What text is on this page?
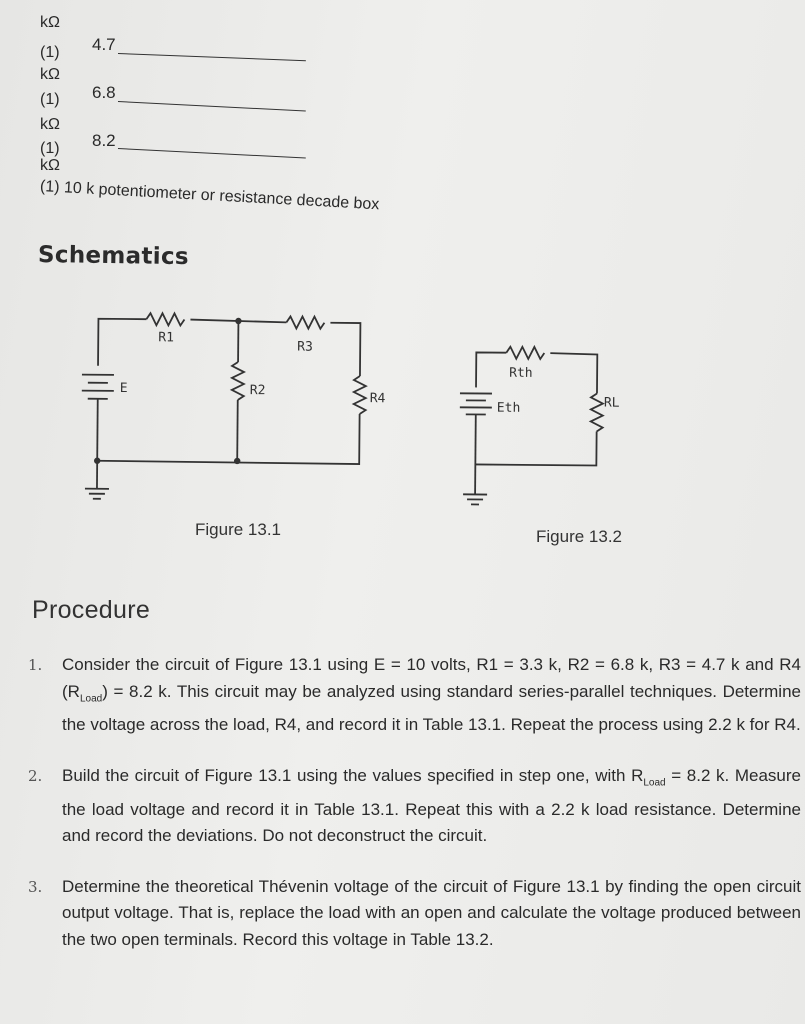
kΩ
(1) 4.7
kΩ
(1) 6.8
kΩ
(1) 8.2
kΩ
(1) 10 k potentiometer or resistance decade box
Schematics
R1
R3
R2
R4
E
Rth
Eth	RL
Figure 13.1	Figure 13.2
Procedure
1.	Consider the circuit of Figure 13.1 using E = 10 volts, R1 = 3.3 k, R2 = 6.8 k, R3 = 4.7 k and R4 $(R_{Load}) = 8.2$ k. This circuit may be analyzed using standard series-parallel techniques. Determine the voltage across the load, R4, and record it in Table 13.1. Repeat the process using 2.2 k for R4.
2.	Build the circuit of Figure 13.1 using the values specified in step one, with $R_{Load} = 8.2$ k. Measure the load voltage and record it in Table 13.1. Repeat this with a 2.2 k load resistance. Determine and record the deviations. Do not deconstruct the circuit.
3.	Determine the theoretical Thévenin voltage of the circuit of Figure 13.1 by finding the open circuit output voltage. That is, replace the load with an open and calculate the voltage produced between the two open terminals. Record this voltage in Table 13.2.
